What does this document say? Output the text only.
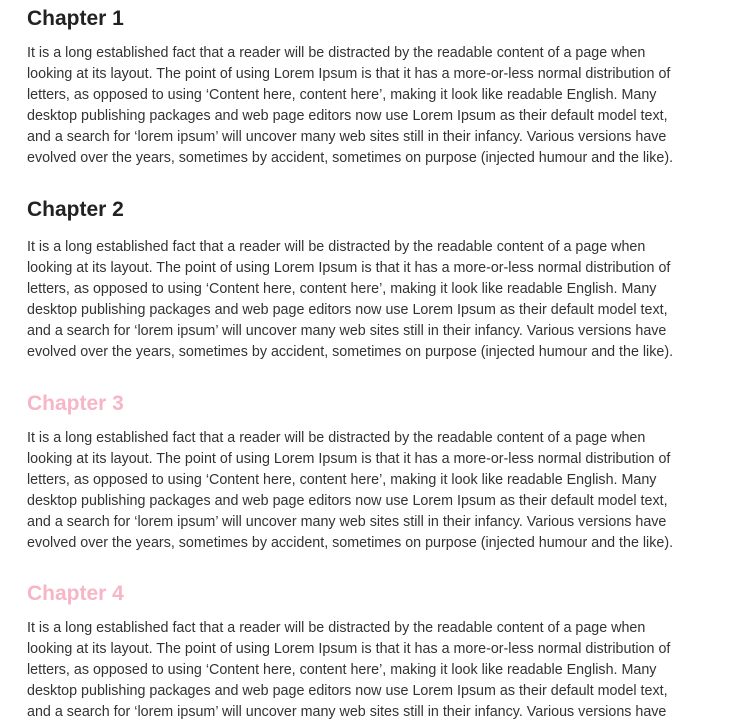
Chapter 1

It is a long established fact that a reader will be distracted by the readable content of a page when
looking at its layout. The point of using Lorem Ipsum is that it has a more-or-less normal distribution of
letters, as opposed to using ‘Content here, content here’, making it look like readable English. Many
desktop publishing packages and web page editors now use Lorem Ipsum as their default model text,
and a search for ‘lorem ipsum’ will uncover many web sites still in their infancy. Various versions have
evolved over the years, sometimes by accident, sometimes on purpose (injected humour and the like).

Chapter 2

It is a long established fact that a reader will be distracted by the readable content of a page when
looking at its layout. The point of using Lorem Ipsum is that it has a more-or-less normal distribution of
letters, as opposed to using ‘Content here, content here’, making it look like readable English. Many
desktop publishing packages and web page editors now use Lorem Ipsum as their default model text,
and a search for ‘lorem ipsum’ will uncover many web sites still in their infancy. Various versions have
evolved over the years, sometimes by accident, sometimes on purpose (injected humour and the like).

Chapter 3

It is a long established fact that a reader will be distracted by the readable content of a page when
looking at its layout. The point of using Lorem Ipsum is that it has a more-or-less normal distribution of
letters, as opposed to using ‘Content here, content here’, making it look like readable English. Many
desktop publishing packages and web page editors now use Lorem Ipsum as their default model text,
and a search for ‘lorem ipsum’ will uncover many web sites still in their infancy. Various versions have
evolved over the years, sometimes by accident, sometimes on purpose (injected humour and the like).

Chapter 4

It is a long established fact that a reader will be distracted by the readable content of a page when
looking at its layout. The point of using Lorem Ipsum is that it has a more-or-less normal distribution of
letters, as opposed to using ‘Content here, content here’, making it look like readable English. Many
desktop publishing packages and web page editors now use Lorem Ipsum as their default model text,
and a search for ‘lorem ipsum’ will uncover many web sites still in their infancy. Various versions have
